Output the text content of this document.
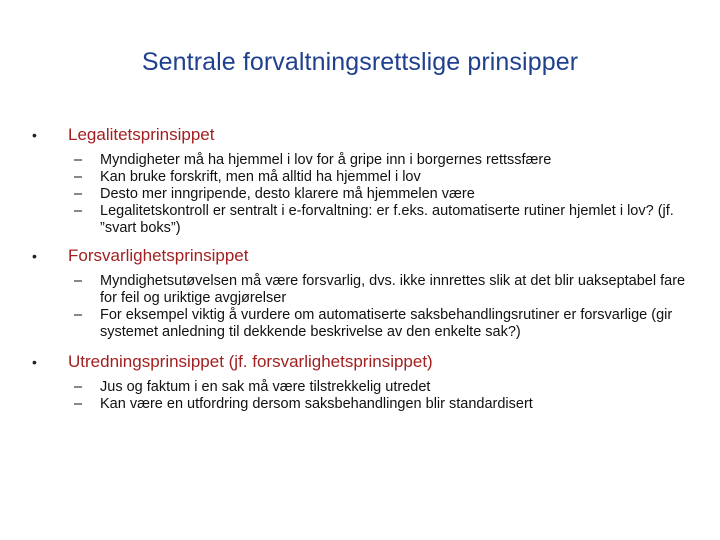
Sentrale forvaltningsrettslige prinsipper
• Legalitetsprinsippet
– Myndigheter må ha hjemmel i lov for å gripe inn i borgernes rettssfære
– Kan bruke forskrift, men må alltid ha hjemmel i lov
– Desto mer inngripende, desto klarere må hjemmelen være
– Legalitetskontroll er sentralt i e-forvaltning: er f.eks. automatiserte rutiner hjemlet i lov? (jf. ”svart boks”)
• Forsvarlighetsprinsippet
– Myndighetsutøvelsen må være forsvarlig, dvs. ikke innrettes slik at det blir uakseptabel fare for feil og uriktige avgjørelser
– For eksempel viktig å vurdere om automatiserte saksbehandlingsrutiner er forsvarlige (gir systemet anledning til dekkende beskrivelse av den enkelte sak?)
• Utredningsprinsippet (jf. forsvarlighetsprinsippet)
– Jus og faktum i en sak må være tilstrekkelig utredet
– Kan være en utfordring dersom saksbehandlingen blir standardisert
